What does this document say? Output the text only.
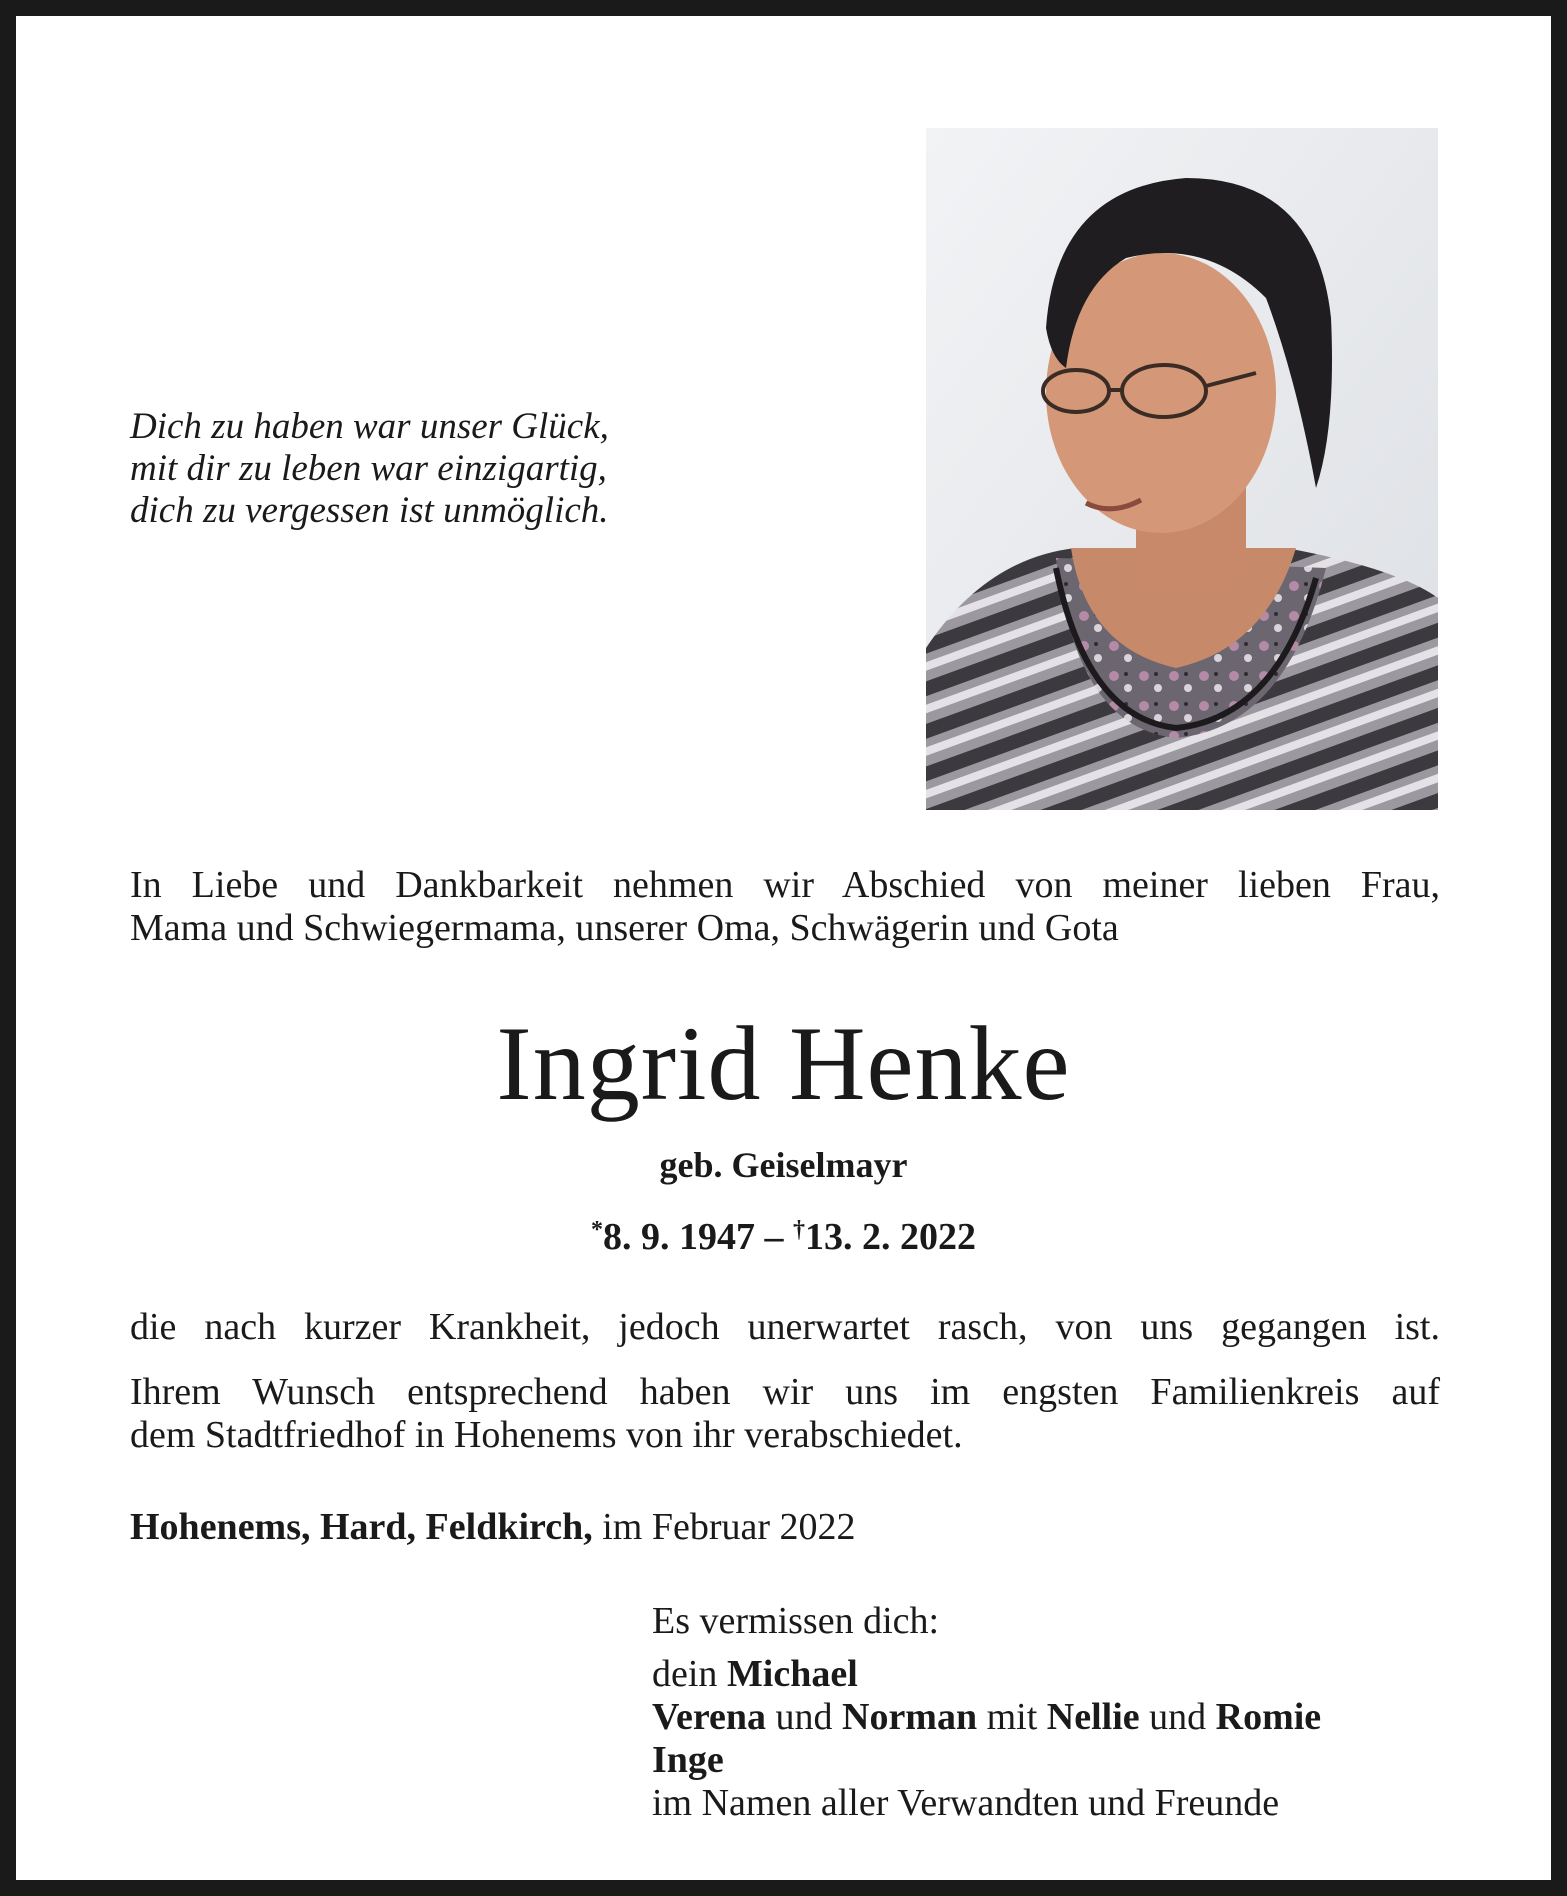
Dich zu haben war unser Glück,
mit dir zu leben war einzigartig,
dich zu vergessen ist unmöglich.
In Liebe und Dankbarkeit nehmen wir Abschied von meiner lieben Frau,
Mama und Schwiegermama, unserer Oma, Schwägerin und Gota
Ingrid Henke
geb. Geiselmayr
*8. 9. 1947 – †13. 2. 2022
die nach kurzer Krankheit, jedoch unerwartet rasch, von uns gegangen ist.
Ihrem Wunsch entsprechend haben wir uns im engsten Familienkreis auf
dem Stadtfriedhof in Hohenems von ihr verabschiedet.
Hohenems, Hard, Feldkirch, im Februar 2022
Es vermissen dich:
dein Michael
Verena und Norman mit Nellie und Romie
Inge
im Namen aller Verwandten und Freunde
